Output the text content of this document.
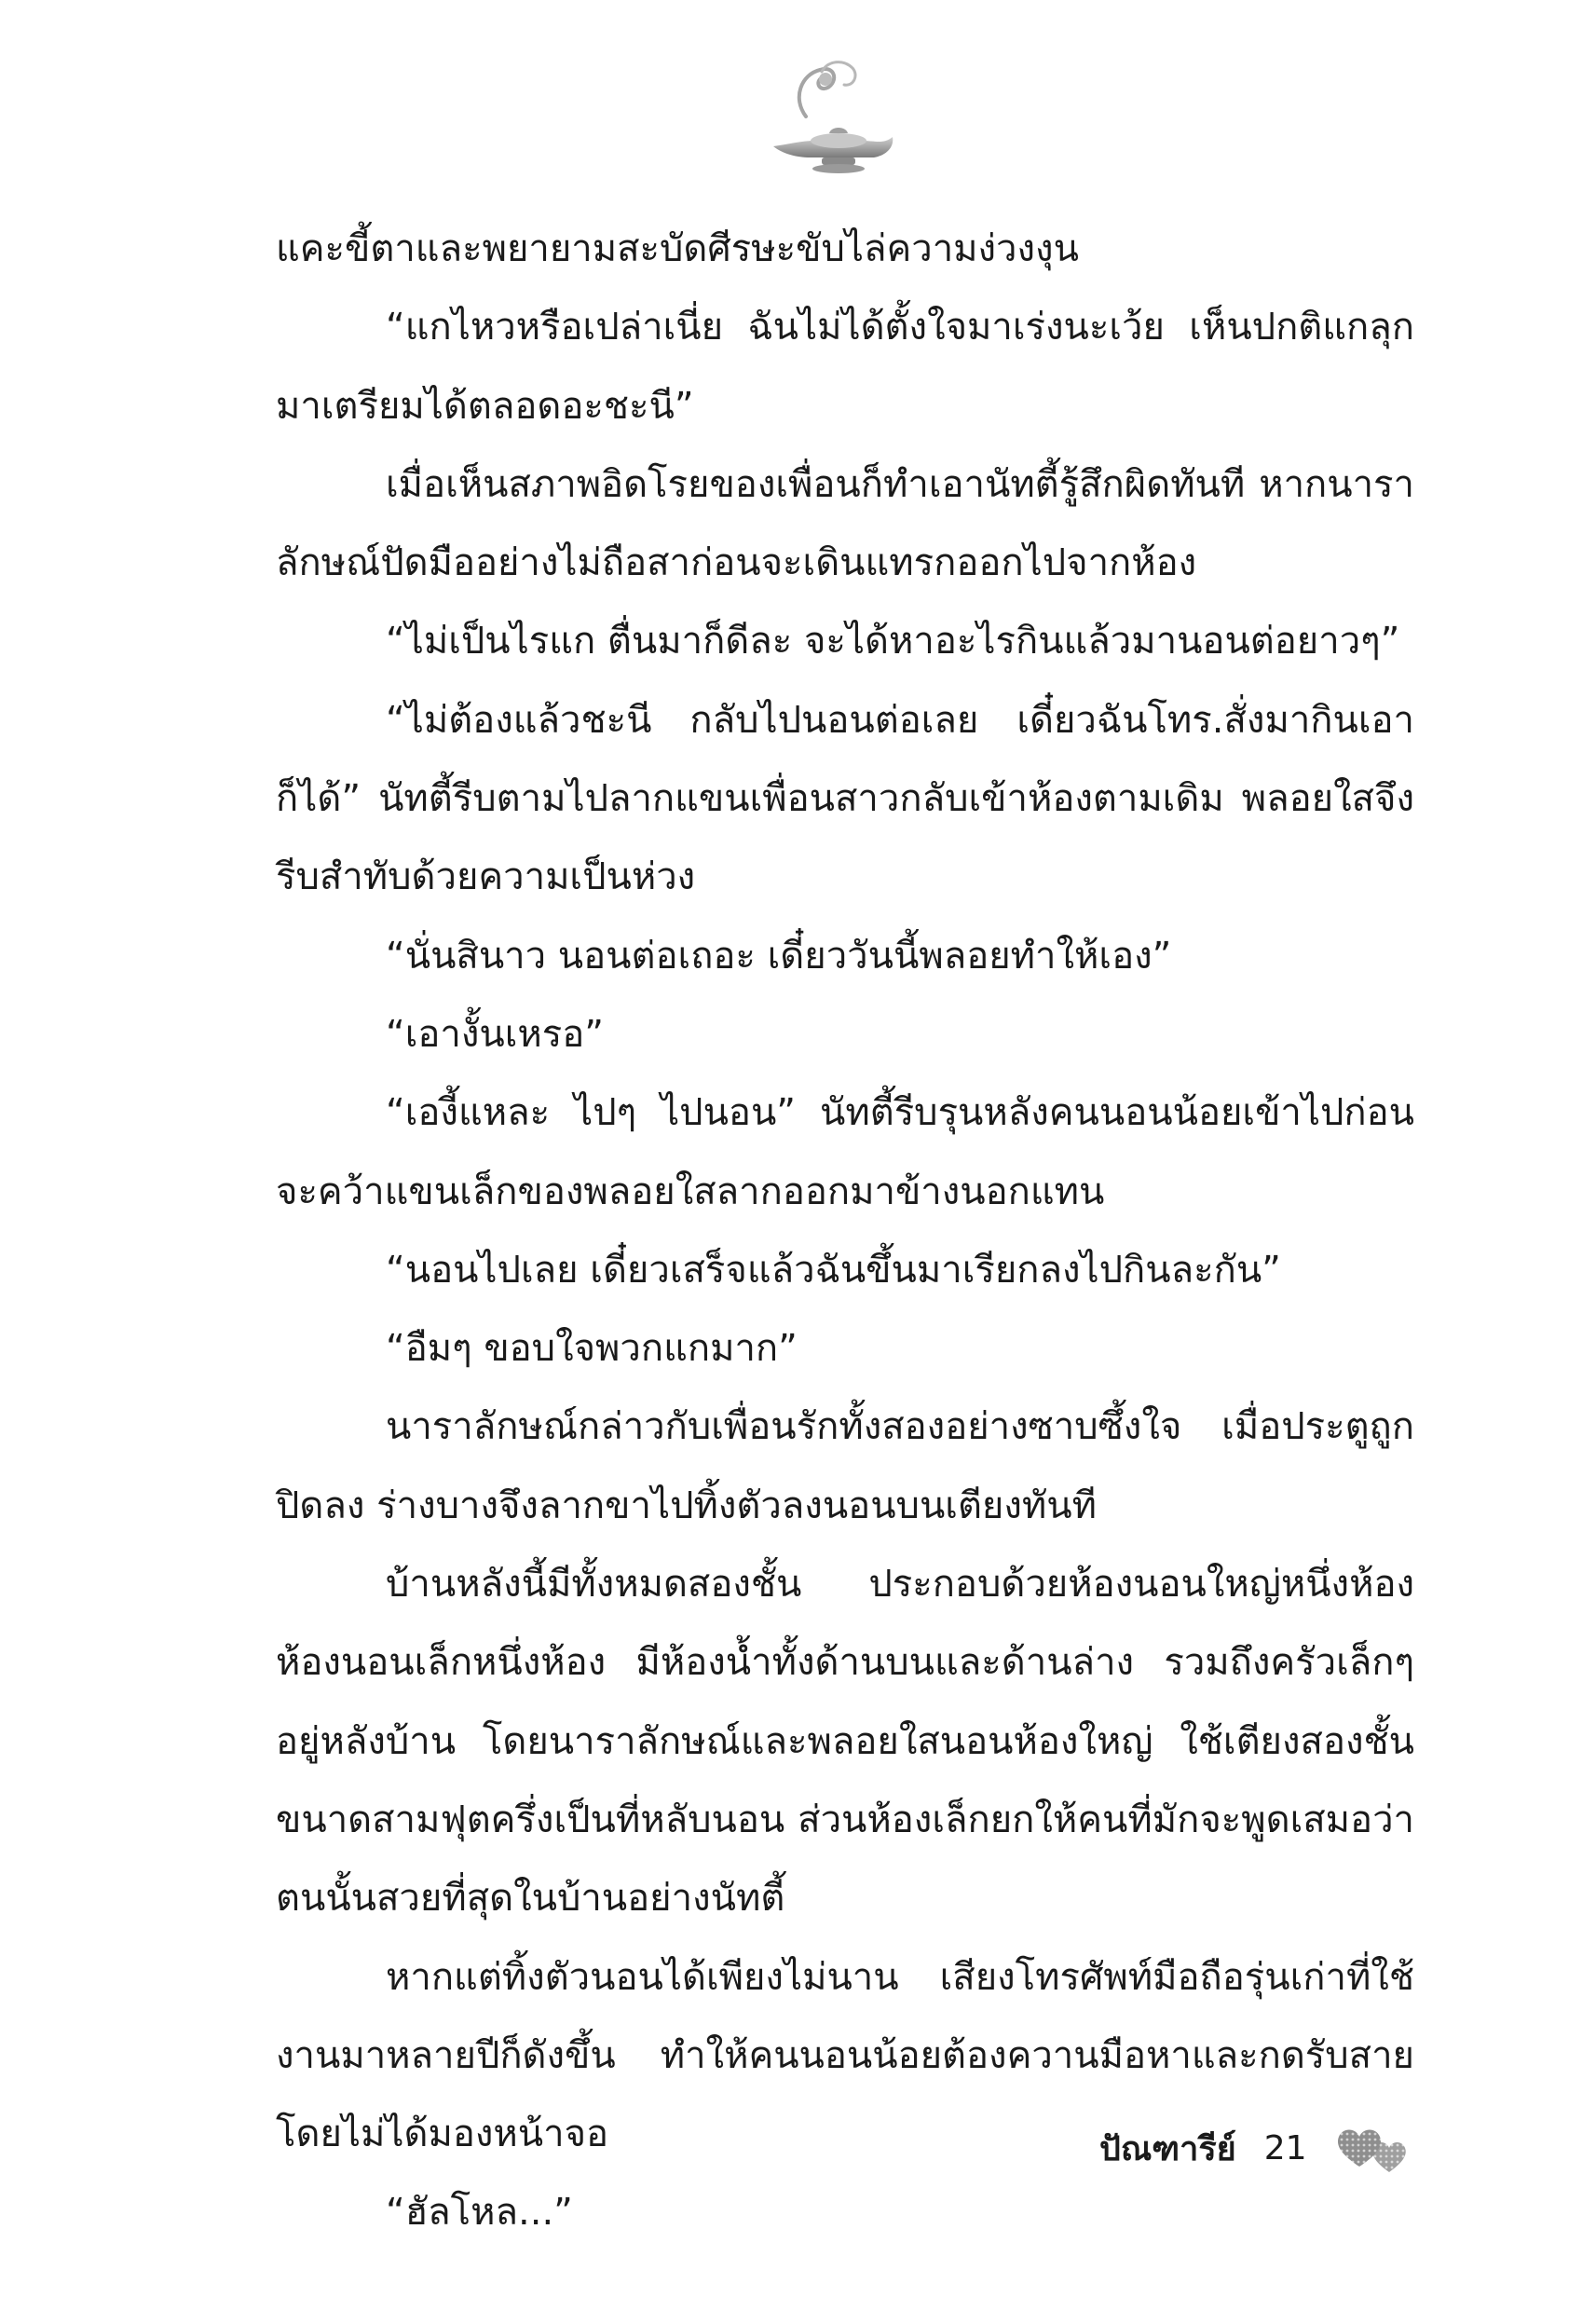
แคะขี้ตาและพยายามสะบัดศีรษะขับไล่ความง่วงงุน

“แกไหวหรือเปล่าเนี่ย ฉันไม่ได้ตั้งใจมาเร่งนะเว้ย เห็นปกติแกลุกมาเตรียมได้ตลอดอะชะนี”

เมื่อเห็นสภาพอิดโรยของเพื่อนก็ทำเอานัทตี้รู้สึกผิดทันที หากนาราลักษณ์ปัดมืออย่างไม่ถือสาก่อนจะเดินแทรกออกไปจากห้อง

“ไม่เป็นไรแก ตื่นมาก็ดีละ จะได้หาอะไรกินแล้วมานอนต่อยาวๆ”

“ไม่ต้องแล้วชะนี กลับไปนอนต่อเลย เดี๋ยวฉันโทร.สั่งมากินเอาก็ได้” นัทตี้รีบตามไปลากแขนเพื่อนสาวกลับเข้าห้องตามเดิม พลอยใสจึงรีบสำทับด้วยความเป็นห่วง

“นั่นสินาว นอนต่อเถอะ เดี๋ยววันนี้พลอยทำให้เอง”

“เอางั้นเหรอ”

“เองี้แหละ ไปๆ ไปนอน” นัทตี้รีบรุนหลังคนนอนน้อยเข้าไปก่อนจะคว้าแขนเล็กของพลอยใสลากออกมาข้างนอกแทน

“นอนไปเลย เดี๋ยวเสร็จแล้วฉันขึ้นมาเรียกลงไปกินละกัน”

“อืมๆ ขอบใจพวกแกมาก”

นาราลักษณ์กล่าวกับเพื่อนรักทั้งสองอย่างซาบซึ้งใจ เมื่อประตูถูกปิดลง ร่างบางจึงลากขาไปทิ้งตัวลงนอนบนเตียงทันที

บ้านหลังนี้มีทั้งหมดสองชั้น ประกอบด้วยห้องนอนใหญ่หนึ่งห้อง ห้องนอนเล็กหนึ่งห้อง มีห้องน้ำทั้งด้านบนและด้านล่าง รวมถึงครัวเล็กๆ อยู่หลังบ้าน โดยนาราลักษณ์และพลอยใสนอนห้องใหญ่ ใช้เตียงสองชั้นขนาดสามฟุตครึ่งเป็นที่หลับนอน ส่วนห้องเล็กยกให้คนที่มักจะพูดเสมอว่าตนนั้นสวยที่สุดในบ้านอย่างนัทตี้

หากแต่ทิ้งตัวนอนได้เพียงไม่นาน เสียงโทรศัพท์มือถือรุ่นเก่าที่ใช้งานมาหลายปีก็ดังขึ้น ทำให้คนนอนน้อยต้องควานมือหาและกดรับสายโดยไม่ได้มองหน้าจอ

“ฮัลโหล...”

ปัณฑารีย์ 21
